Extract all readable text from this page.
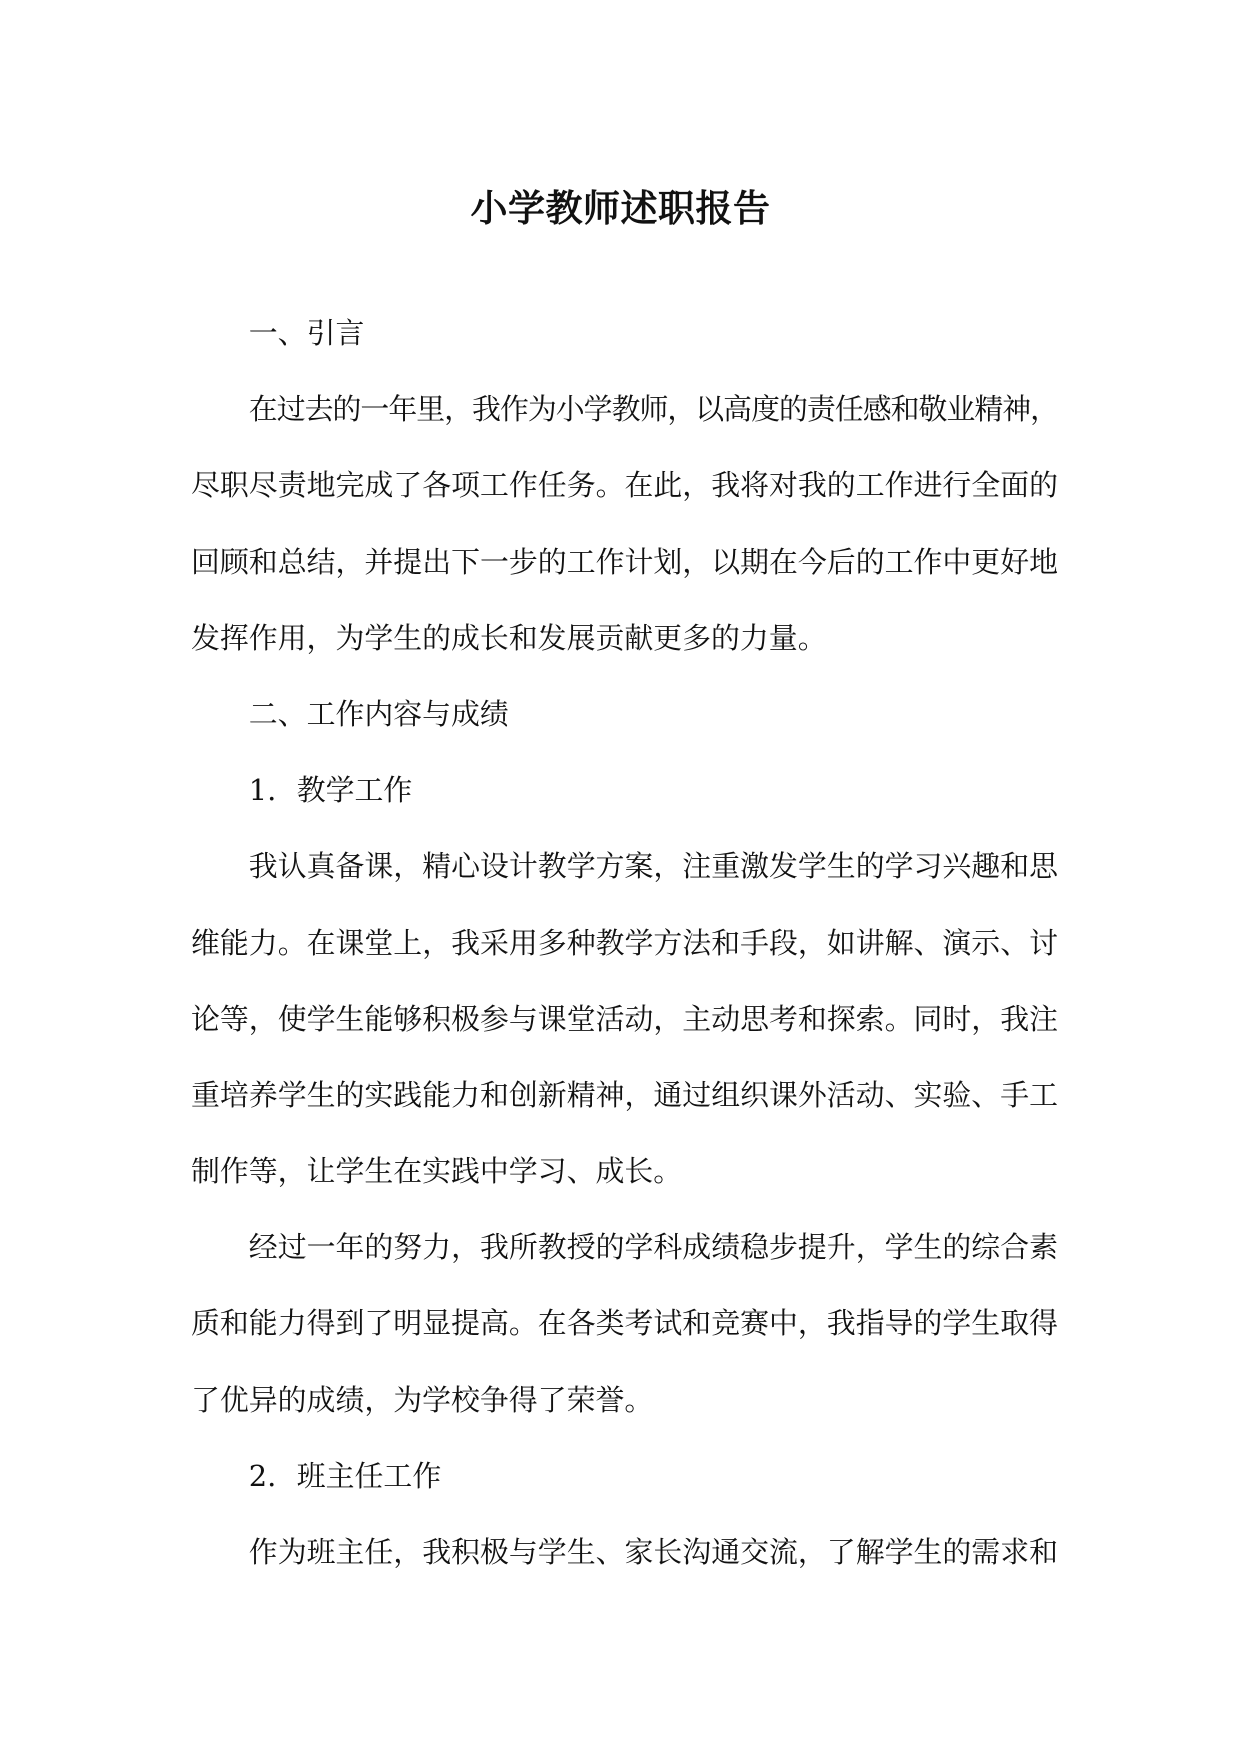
小学教师述职报告
一、引言
在过去的一年里，我作为小学教师，以高度的责任感和敬业精神，
尽职尽责地完成了各项工作任务。在此，我将对我的工作进行全面的
回顾和总结，并提出下一步的工作计划，以期在今后的工作中更好地
发挥作用，为学生的成长和发展贡献更多的力量。
二、工作内容与成绩
1. 教学工作
我认真备课，精心设计教学方案，注重激发学生的学习兴趣和思
维能力。在课堂上，我采用多种教学方法和手段，如讲解、演示、讨
论等，使学生能够积极参与课堂活动，主动思考和探索。同时，我注
重培养学生的实践能力和创新精神，通过组织课外活动、实验、手工
制作等，让学生在实践中学习、成长。
经过一年的努力，我所教授的学科成绩稳步提升，学生的综合素
质和能力得到了明显提高。在各类考试和竞赛中，我指导的学生取得
了优异的成绩，为学校争得了荣誉。
2. 班主任工作
作为班主任，我积极与学生、家长沟通交流，了解学生的需求和
